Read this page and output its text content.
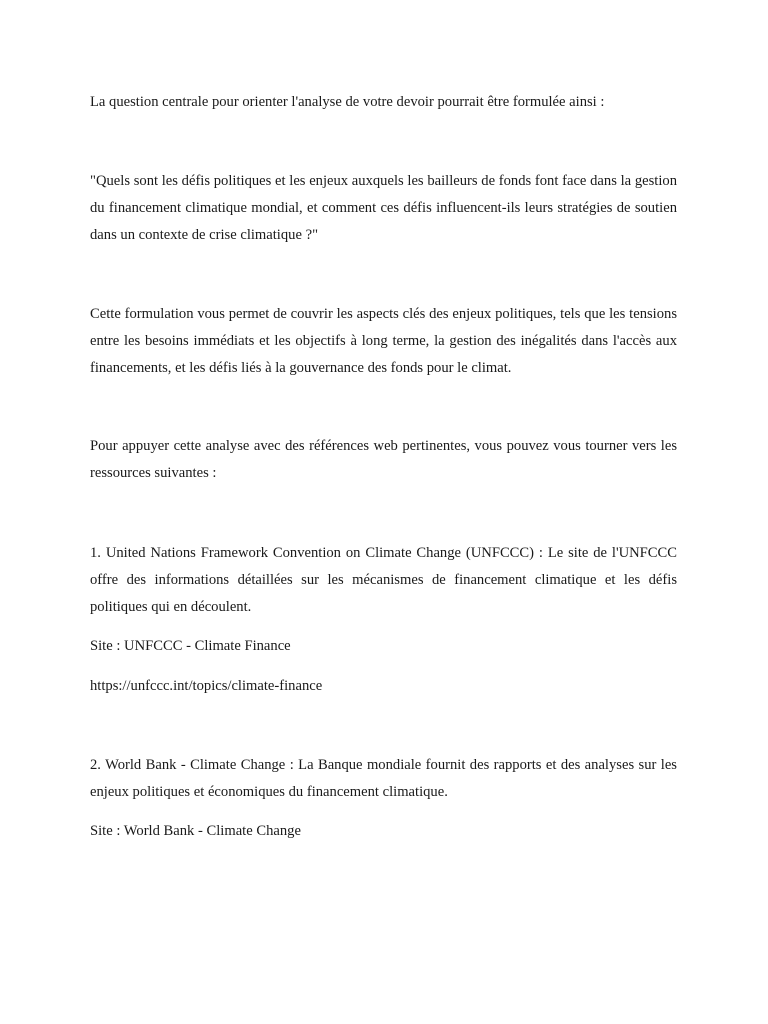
La question centrale pour orienter l'analyse de votre devoir pourrait être formulée ainsi :

"Quels sont les défis politiques et les enjeux auxquels les bailleurs de fonds font face dans la gestion du financement climatique mondial, et comment ces défis influencent-ils leurs stratégies de soutien dans un contexte de crise climatique ?"

Cette formulation vous permet de couvrir les aspects clés des enjeux politiques, tels que les tensions entre les besoins immédiats et les objectifs à long terme, la gestion des inégalités dans l'accès aux financements, et les défis liés à la gouvernance des fonds pour le climat.

Pour appuyer cette analyse avec des références web pertinentes, vous pouvez vous tourner vers les ressources suivantes :

1. United Nations Framework Convention on Climate Change (UNFCCC) : Le site de l'UNFCCC offre des informations détaillées sur les mécanismes de financement climatique et les défis politiques qui en découlent.

Site : UNFCCC - Climate Finance

https://unfccc.int/topics/climate-finance

2. World Bank - Climate Change : La Banque mondiale fournit des rapports et des analyses sur les enjeux politiques et économiques du financement climatique.

Site : World Bank - Climate Change
